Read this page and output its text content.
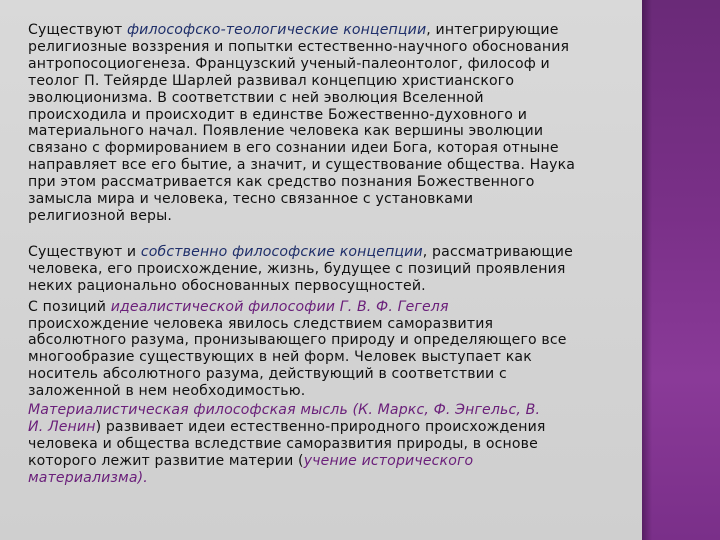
Существуют философско-теологические концепции, интегрирующие
религиозные воззрения и попытки естественно-научного обоснования
антропосоциогенеза. Французский ученый-палеонтолог, философ и
теолог П. Тейярде Шарлей развивал концепцию христианского
эволюционизма. В соответствии с ней эволюция Вселенной
происходила и происходит в единстве Божественно-духовного и
материального начал. Появление человека как вершины эволюции
связано с формированием в его сознании идеи Бога, которая отныне
направляет все его бытие, а значит, и существование общества. Наука
при этом рассматривается как средство познания Божественного
замысла мира и человека, тесно связанное с установками
религиозной веры.

Существуют и собственно философские концепции, рассматривающие
человека, его происхождение, жизнь, будущее с позиций проявления
неких рационально обоснованных первосущностей.

С позиций идеалистической философии Г. В. Ф. Гегеля
происхождение человека явилось следствием саморазвития
абсолютного разума, пронизывающего природу и определяющего все
многообразие существующих в ней форм. Человек выступает как
носитель абсолютного разума, действующий в соответствии с
заложенной в нем необходимостью.

Материалистическая философская мысль (К. Маркс, Ф. Энгельс, В.
И. Ленин) развивает идеи естественно-природного происхождения
человека и общества вследствие саморазвития природы, в основе
которого лежит развитие материи (учение исторического
материализма).
